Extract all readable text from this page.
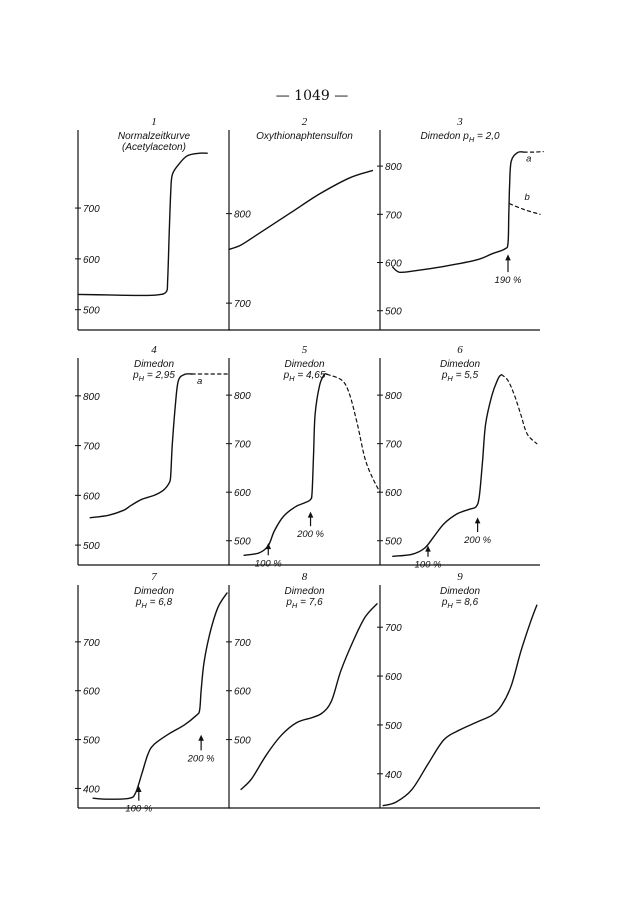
— 1049 —
1
Normalzeitkurve
(Acetylaceton)
500
600
700
2
Oxythionaphtensulfon
700
800
3
Dimedon $p_H = 2,0$
500
600
700
800
a
b
190 %
4
Dimedon
$p_H = 2,95$
500
600
700
800
a
5
Dimedon
$p_H = 4,65$
500
600
700
800
100 %
200 %
6
Dimedon
$p_H = 5,5$
500
600
700
800
100 %
200 %
7
Dimedon
$p_H = 6,8$
400
500
600
700
100 %
200 %
8
Dimedon
$p_H = 7,6$
500
600
700
9
Dimedon
$p_H = 8,6$
400
500
600
700
